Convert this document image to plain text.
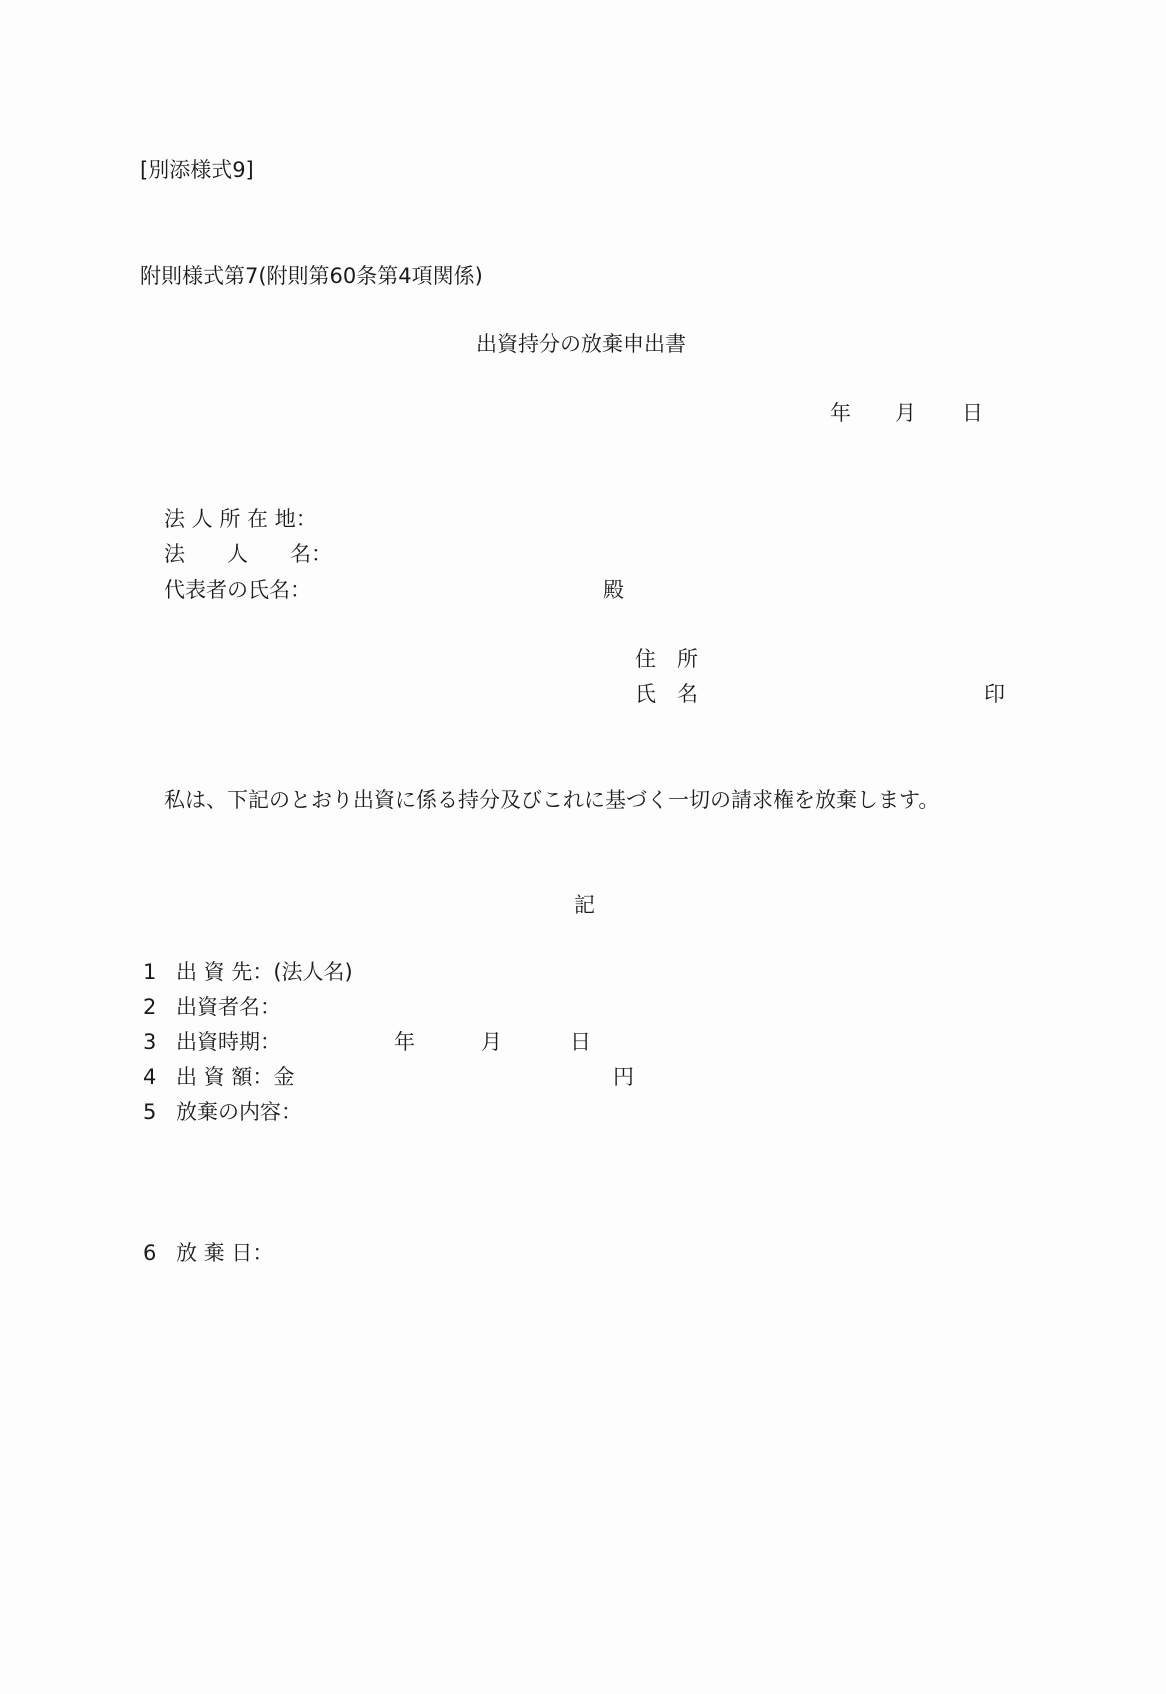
[別添様式9]
附則様式第7(附則第60条第4項関係)
出資持分の放棄申出書
年 月 日
法 人 所 在 地：
法　　人　　名：
代表者の氏名：	殿
住　所
氏　名	印
私は、下記のとおり出資に係る持分及びこれに基づく一切の請求権を放棄します。
記
1 出 資 先：(法人名)
2 出資者名：
3 出資時期：	年	月	日
4 出 資 額：金	円
5 放棄の内容：
6 放 棄 日：
